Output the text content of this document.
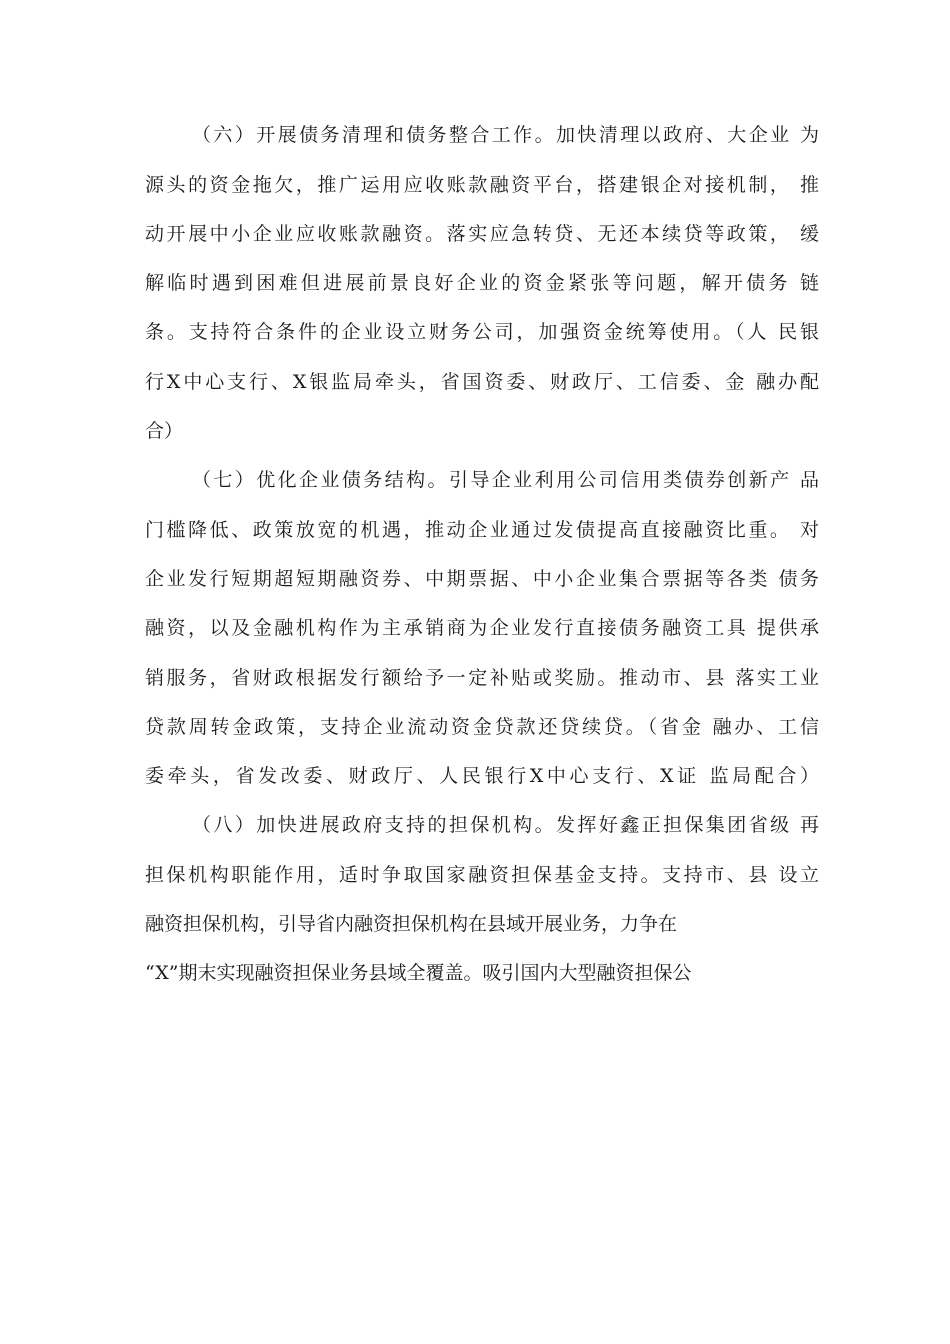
（六）开展债务清理和债务整合工作。加快清理以政府、大企业 为
源头的资金拖欠，推广运用应收账款融资平台，搭建银企对接机制， 推
动开展中小企业应收账款融资。落实应急转贷、无还本续贷等政策， 缓
解临时遇到困难但进展前景良好企业的资金紧张等问题，解开债务 链
条。支持符合条件的企业设立财务公司，加强资金统筹使用。（人 民银
行X中心支行、X银监局牵头，省国资委、财政厅、工信委、金 融办配
合）
（七）优化企业债务结构。引导企业利用公司信用类债券创新产 品
门槛降低、政策放宽的机遇，推动企业通过发债提高直接融资比重。 对
企业发行短期超短期融资券、中期票据、中小企业集合票据等各类 债务
融资，以及金融机构作为主承销商为企业发行直接债务融资工具 提供承
销服务，省财政根据发行额给予一定补贴或奖励。推动市、县 落实工业
贷款周转金政策，支持企业流动资金贷款还贷续贷。（省金 融办、工信
委牵头，省发改委、财政厅、人民银行X中心支行、X证 监局配合）
（八）加快进展政府支持的担保机构。发挥好鑫正担保集团省级 再
担保机构职能作用，适时争取国家融资担保基金支持。支持市、县 设立
融资担保机构，引导省内融资担保机构在县域开展业务，力争在
“X”期末实现融资担保业务县域全覆盖。吸引国内大型融资担保公
